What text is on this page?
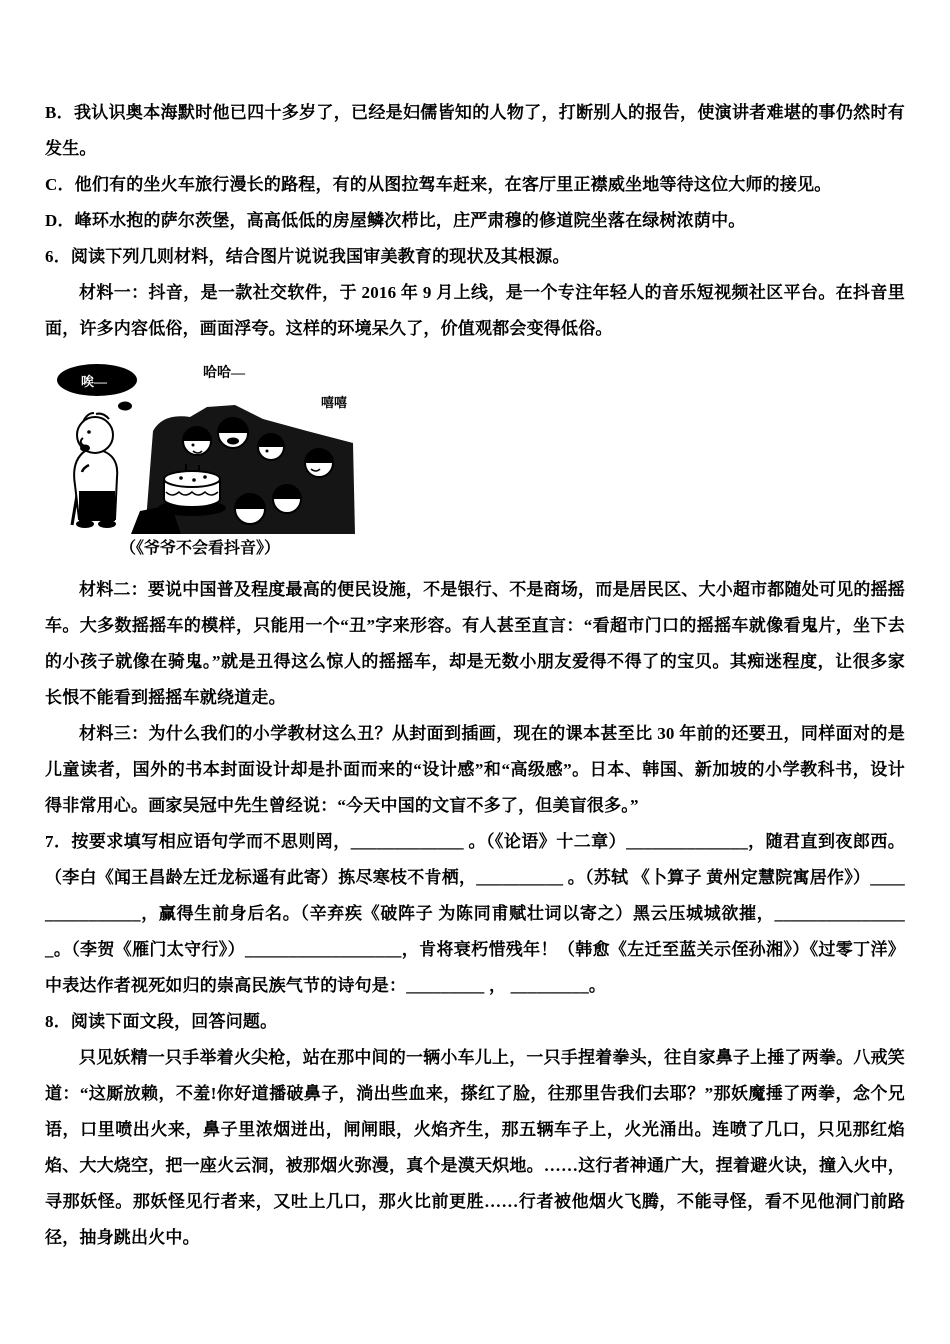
B．我认识奥本海默时他已四十多岁了，已经是妇儒皆知的人物了，打断别人的报告，使演讲者难堪的事仍然时有发生。

C．他们有的坐火车旅行漫长的路程，有的从图拉驾车赶来，在客厅里正襟威坐地等待这位大师的接见。

D．峰环水抱的萨尔茨堡，高高低低的房屋鳞次栉比，庄严肃穆的修道院坐落在绿树浓荫中。

6．阅读下列几则材料，结合图片说说我国审美教育的现状及其根源。

材料一：抖音，是一款社交软件，于 2016 年 9 月上线，是一个专注年轻人的音乐短视频社区平台。在抖音里面，许多内容低俗，画面浮夸。这样的环境呆久了，价值观都会变得低俗。

哈哈—
嘻嘻
唉—
（《爷爷不会看抖音》）

材料二：要说中国普及程度最高的便民设施，不是银行、不是商场，而是居民区、大小超市都随处可见的摇摇车。大多数摇摇车的模样，只能用一个“丑”字来形容。有人甚至直言：“看超市门口的摇摇车就像看鬼片，坐下去的小孩子就像在骑鬼。”就是丑得这么惊人的摇摇车，却是无数小朋友爱得不得了的宝贝。其痴迷程度，让很多家长恨不能看到摇摇车就绕道走。

材料三：为什么我们的小学教材这么丑？从封面到插画，现在的课本甚至比 30 年前的还要丑，同样面对的是儿童读者，国外的书本封面设计却是扑面而来的“设计感”和“高级感”。日本、韩国、新加坡的小学教科书，设计得非常用心。画家吴冠中先生曾经说：“今天中国的文盲不多了，但美盲很多。”

7．按要求填写相应语句学而不思则罔，_____________ 。（《论语》十二章）______________，随君直到夜郎西。（李白《闻王昌龄左迁龙标遥有此寄）拣尽寒枝不肯栖，__________ 。（苏轼 《卜算子 黄州定慧院寓居作》）_______________，赢得生前身后名。（辛弃疾《破阵子 为陈同甫赋壮词以寄之）黑云压城城欲摧，________________。（李贺《雁门太守行》）__________________，肯将衰朽惜残年！（韩愈《左迁至蓝关示侄孙湘》）《过零丁洋》中表达作者视死如归的崇高民族气节的诗句是：_________ ， _________。

8．阅读下面文段，回答问题。

只见妖精一只手举着火尖枪，站在那中间的一辆小车儿上，一只手捏着拳头，往自家鼻子上捶了两拳。八戒笑道：“这厮放赖，不羞!你好道播破鼻子，淌出些血来，搽红了脸，往那里告我们去耶？”那妖魔捶了两拳，念个兄语，口里喷出火来，鼻子里浓烟迸出，闸闸眼，火焰齐生，那五辆车子上，火光涌出。连喷了几口，只见那红焰焰、大大烧空，把一座火云洞，被那烟火弥漫，真个是漠天炽地。……这行者神通广大，捏着避火诀，撞入火中，寻那妖怪。那妖怪见行者来，又吐上几口，那火比前更胜……行者被他烟火飞腾，不能寻怪，看不见他洞门前路径，抽身跳出火中。
